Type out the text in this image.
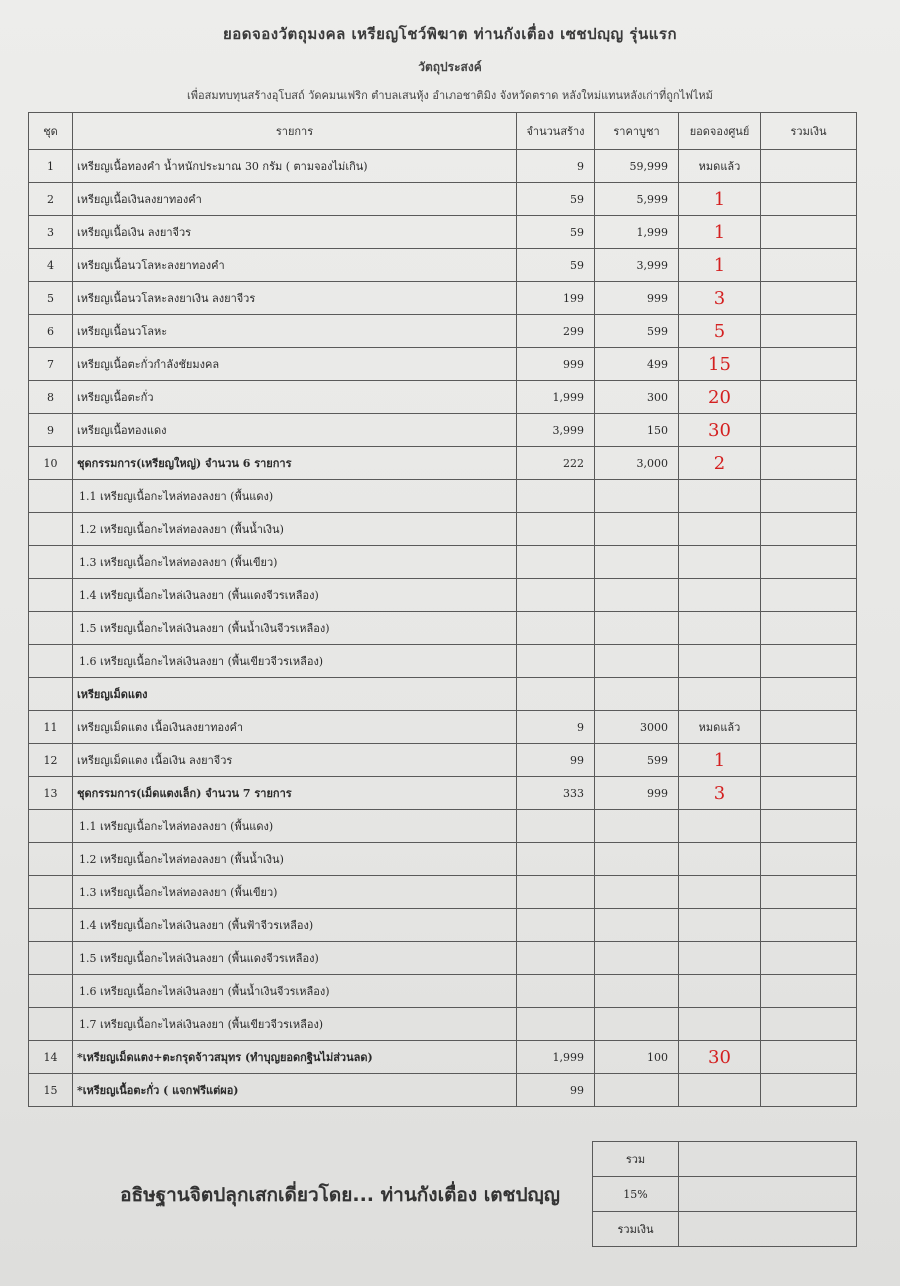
ยอดจองวัตถุมงคล เหรียญโชว์พิฆาต ท่านกังเตื่อง เซชปญฺญ รุ่นแรก
วัตถุประสงค์
เพื่อสมทบทุนสร้างอุโบสถ์ วัดคมนเฟริก ตำบลเสนหุ้ง อำเภอชาติมิง จังหวัดตราด หลังใหม่แทนหลังเก่าที่ถูกไฟไหม้
ชุด	รายการ	จำนวนสร้าง	ราคาบูชา	ยอดจองศูนย์	รวมเงิน
1	เหรียญเนื้อทองคำ น้ำหนักประมาณ 30 กรัม ( ตามจองไม่เกิน)	9	59,999	หมดแล้ว	
2	เหรียญเนื้อเงินลงยาทองคำ	59	5,999	1	
3	เหรียญเนื้อเงิน ลงยาจีวร	59	1,999	1	
4	เหรียญเนื้อนวโลหะลงยาทองคำ	59	3,999	1	
5	เหรียญเนื้อนวโลหะลงยาเงิน ลงยาจีวร	199	999	3	
6	เหรียญเนื้อนวโลหะ	299	599	5	
7	เหรียญเนื้อตะกั่วกำลังชัยมงคล	999	499	15	
8	เหรียญเนื้อตะกั่ว	1,999	300	20	
9	เหรียญเนื้อทองแดง	3,999	150	30	
10	ชุดกรรมการ(เหรียญใหญ่) จำนวน 6 รายการ	222	3,000	2	
	1.1 เหรียญเนื้อกะไหล่ทองลงยา (พื้นแดง)				
	1.2 เหรียญเนื้อกะไหล่ทองลงยา (พื้นน้ำเงิน)				
	1.3 เหรียญเนื้อกะไหล่ทองลงยา (พื้นเขียว)				
	1.4 เหรียญเนื้อกะไหล่เงินลงยา (พื้นแดงจีวรเหลือง)				
	1.5 เหรียญเนื้อกะไหล่เงินลงยา (พื้นน้ำเงินจีวรเหลือง)				
	1.6 เหรียญเนื้อกะไหล่เงินลงยา (พื้นเขียวจีวรเหลือง)				
	เหรียญเม็ดแตง				
11	เหรียญเม็ดแตง เนื้อเงินลงยาทองคำ	9	3000	หมดแล้ว	
12	เหรียญเม็ดแตง เนื้อเงิน ลงยาจีวร	99	599	1	
13	ชุดกรรมการ(เม็ดแตงเล็ก) จำนวน 7 รายการ	333	999	3	
	1.1 เหรียญเนื้อกะไหล่ทองลงยา (พื้นแดง)				
	1.2 เหรียญเนื้อกะไหล่ทองลงยา (พื้นน้ำเงิน)				
	1.3 เหรียญเนื้อกะไหล่ทองลงยา (พื้นเขียว)				
	1.4 เหรียญเนื้อกะไหล่เงินลงยา (พื้นฟ้าจีวรเหลือง)				
	1.5 เหรียญเนื้อกะไหล่เงินลงยา (พื้นแดงจีวรเหลือง)				
	1.6 เหรียญเนื้อกะไหล่เงินลงยา (พื้นน้ำเงินจีวรเหลือง)				
	1.7 เหรียญเนื้อกะไหล่เงินลงยา (พื้นเขียวจีวรเหลือง)				
14	*เหรียญเม็ดแตง+ตะกรุดจ้าวสมุทร (ทำบุญยอดกฐินไม่ส่วนลด)	1,999	100	30	
15	*เหรียญเนื้อตะกั่ว ( แจกฟรีแต่ผอ)	99			
อธิษฐานจิตปลุกเสกเดี่ยวโดย... ท่านกังเตื่อง เตชปญฺญ
รวม	
15%	
รวมเงิน	
